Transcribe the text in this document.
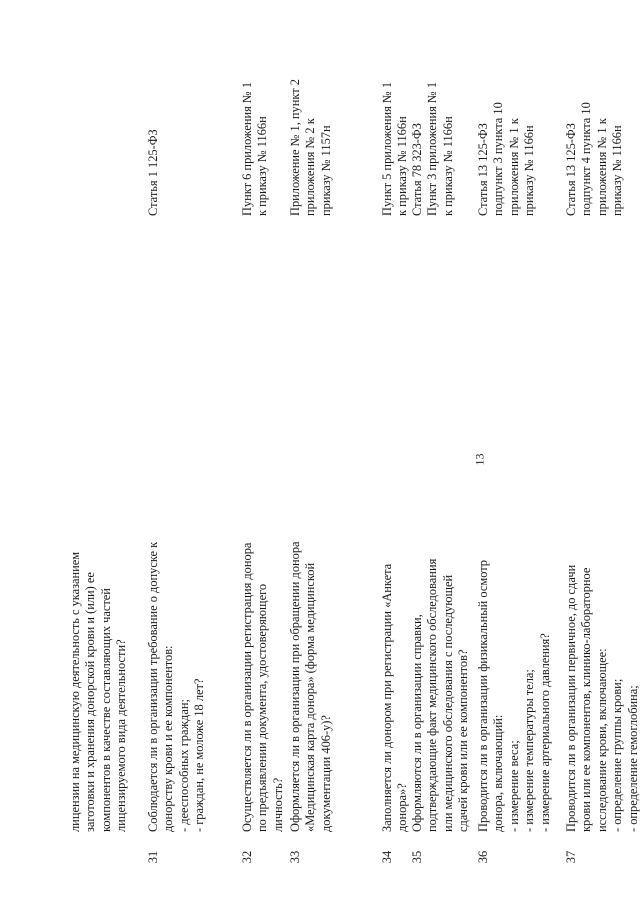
13
лицензии на медицинскую деятельность с указанием заготовки и хранения донорской крови и (или) ее компонентов в качестве составляющих частей лицензируемого вида деятельности?
31
Соблюдается ли в организации требование о допуске к донорству крови и ее компонентов: - дееспособных граждан; - граждан, не моложе 18 лет?
Статья 1 125-ФЗ
32
Осуществляется ли в организации регистрация донора по предъявлении документа, удостоверяющего личность?
Пункт 6 приложения № 1 к приказу № 1166н
33
Оформляется ли в организации при обращении донора «Медицинская карта донора» (форма медицинской документации 406-у)?
Приложение № 1, пункт 2 приложения № 2 к приказу № 1157н
34
Заполняется ли донором при регистрации «Анкета донора»?
Пункт 5 приложения № 1 к приказу № 1166н
35
Оформляются ли в организации справки, подтверждающие факт медицинского обследования или медицинского обследования с последующей сдачей крови или ее компонентов?
Статья 78 323-ФЗ Пункт 3 приложения № 1 к приказу № 1166н
36
Проводится ли в организации физикальный осмотр донора, включающий: - измерение веса; - измерение температуры тела; - измерение артериального давления?
Статья 13 125-ФЗ подпункт 3 пункта 10 приложения № 1 к приказу № 1166н
37
Проводится ли в организации первичное, до сдачи крови или ее компонентов, клинико-лабораторное исследование крови, включающее: - определение группы крови; - определение гемоглобина;
Статья 13 125-ФЗ подпункт 4 пункта 10 приложения № 1 к приказу № 1166н
